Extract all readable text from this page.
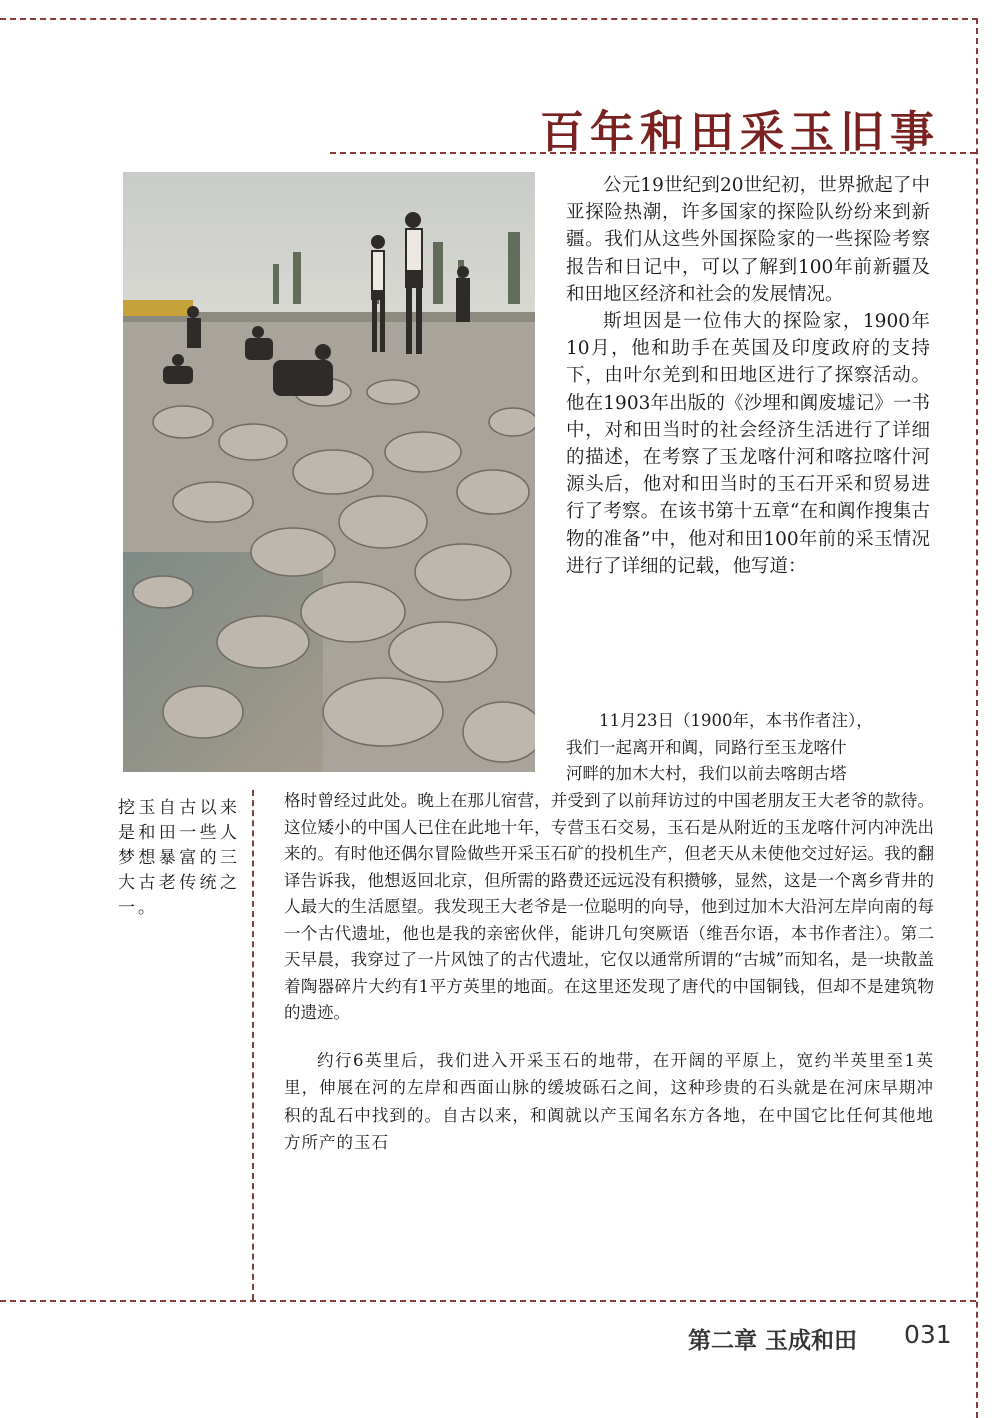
百年和田采玉旧事
挖玉自古以来是和田一些人梦想暴富的三大古老传统之一。

公元19世纪到20世纪初，世界掀起了中亚探险热潮，许多国家的探险队纷纷来到新疆。我们从这些外国探险家的一些探险考察报告和日记中，可以了解到100年前新疆及和田地区经济和社会的发展情况。

斯坦因是一位伟大的探险家，1900年10月，他和助手在英国及印度政府的支持下，由叶尔羌到和田地区进行了探察活动。他在1903年出版的《沙埋和阗废墟记》一书中，对和田当时的社会经济生活进行了详细的描述，在考察了玉龙喀什河和喀拉喀什河源头后，他对和田当时的玉石开采和贸易进行了考察。在该书第十五章“在和阗作搜集古物的准备”中，他对和田100年前的采玉情况进行了详细的记载，他写道：

　　11月23日（1900年，本书作者注），

我们一起离开和阗，同路行至玉龙喀什

河畔的加木大村，我们以前去喀朗古塔

格时曾经过此处。晚上在那儿宿营，并受到了以前拜访过的中国老朋友王大老爷的款待。这位矮小的中国人已住在此地十年，专营玉石交易，玉石是从附近的玉龙喀什河内冲洗出来的。有时他还偶尔冒险做些开采玉石矿的投机生产，但老天从未使他交过好运。我的翻译告诉我，他想返回北京，但所需的路费还远远没有积攒够，显然，这是一个离乡背井的人最大的生活愿望。我发现王大老爷是一位聪明的向导，他到过加木大沿河左岸向南的每一个古代遗址，他也是我的亲密伙伴，能讲几句突厥语（维吾尔语，本书作者注）。第二天早晨，我穿过了一片风蚀了的古代遗址，它仅以通常所谓的“古城”而知名，是一块散盖着陶器碎片大约有1平方英里的地面。在这里还发现了唐代的中国铜钱，但却不是建筑物的遗迹。

约行6英里后，我们进入开采玉石的地带，在开阔的平原上，宽约半英里至1英里，伸展在河的左岸和西面山脉的缓坡砾石之间，这种珍贵的石头就是在河床早期冲积的乱石中找到的。自古以来，和阗就以产玉闻名东方各地，在中国它比任何其他地方所产的玉石

第二章 玉成和田 031
